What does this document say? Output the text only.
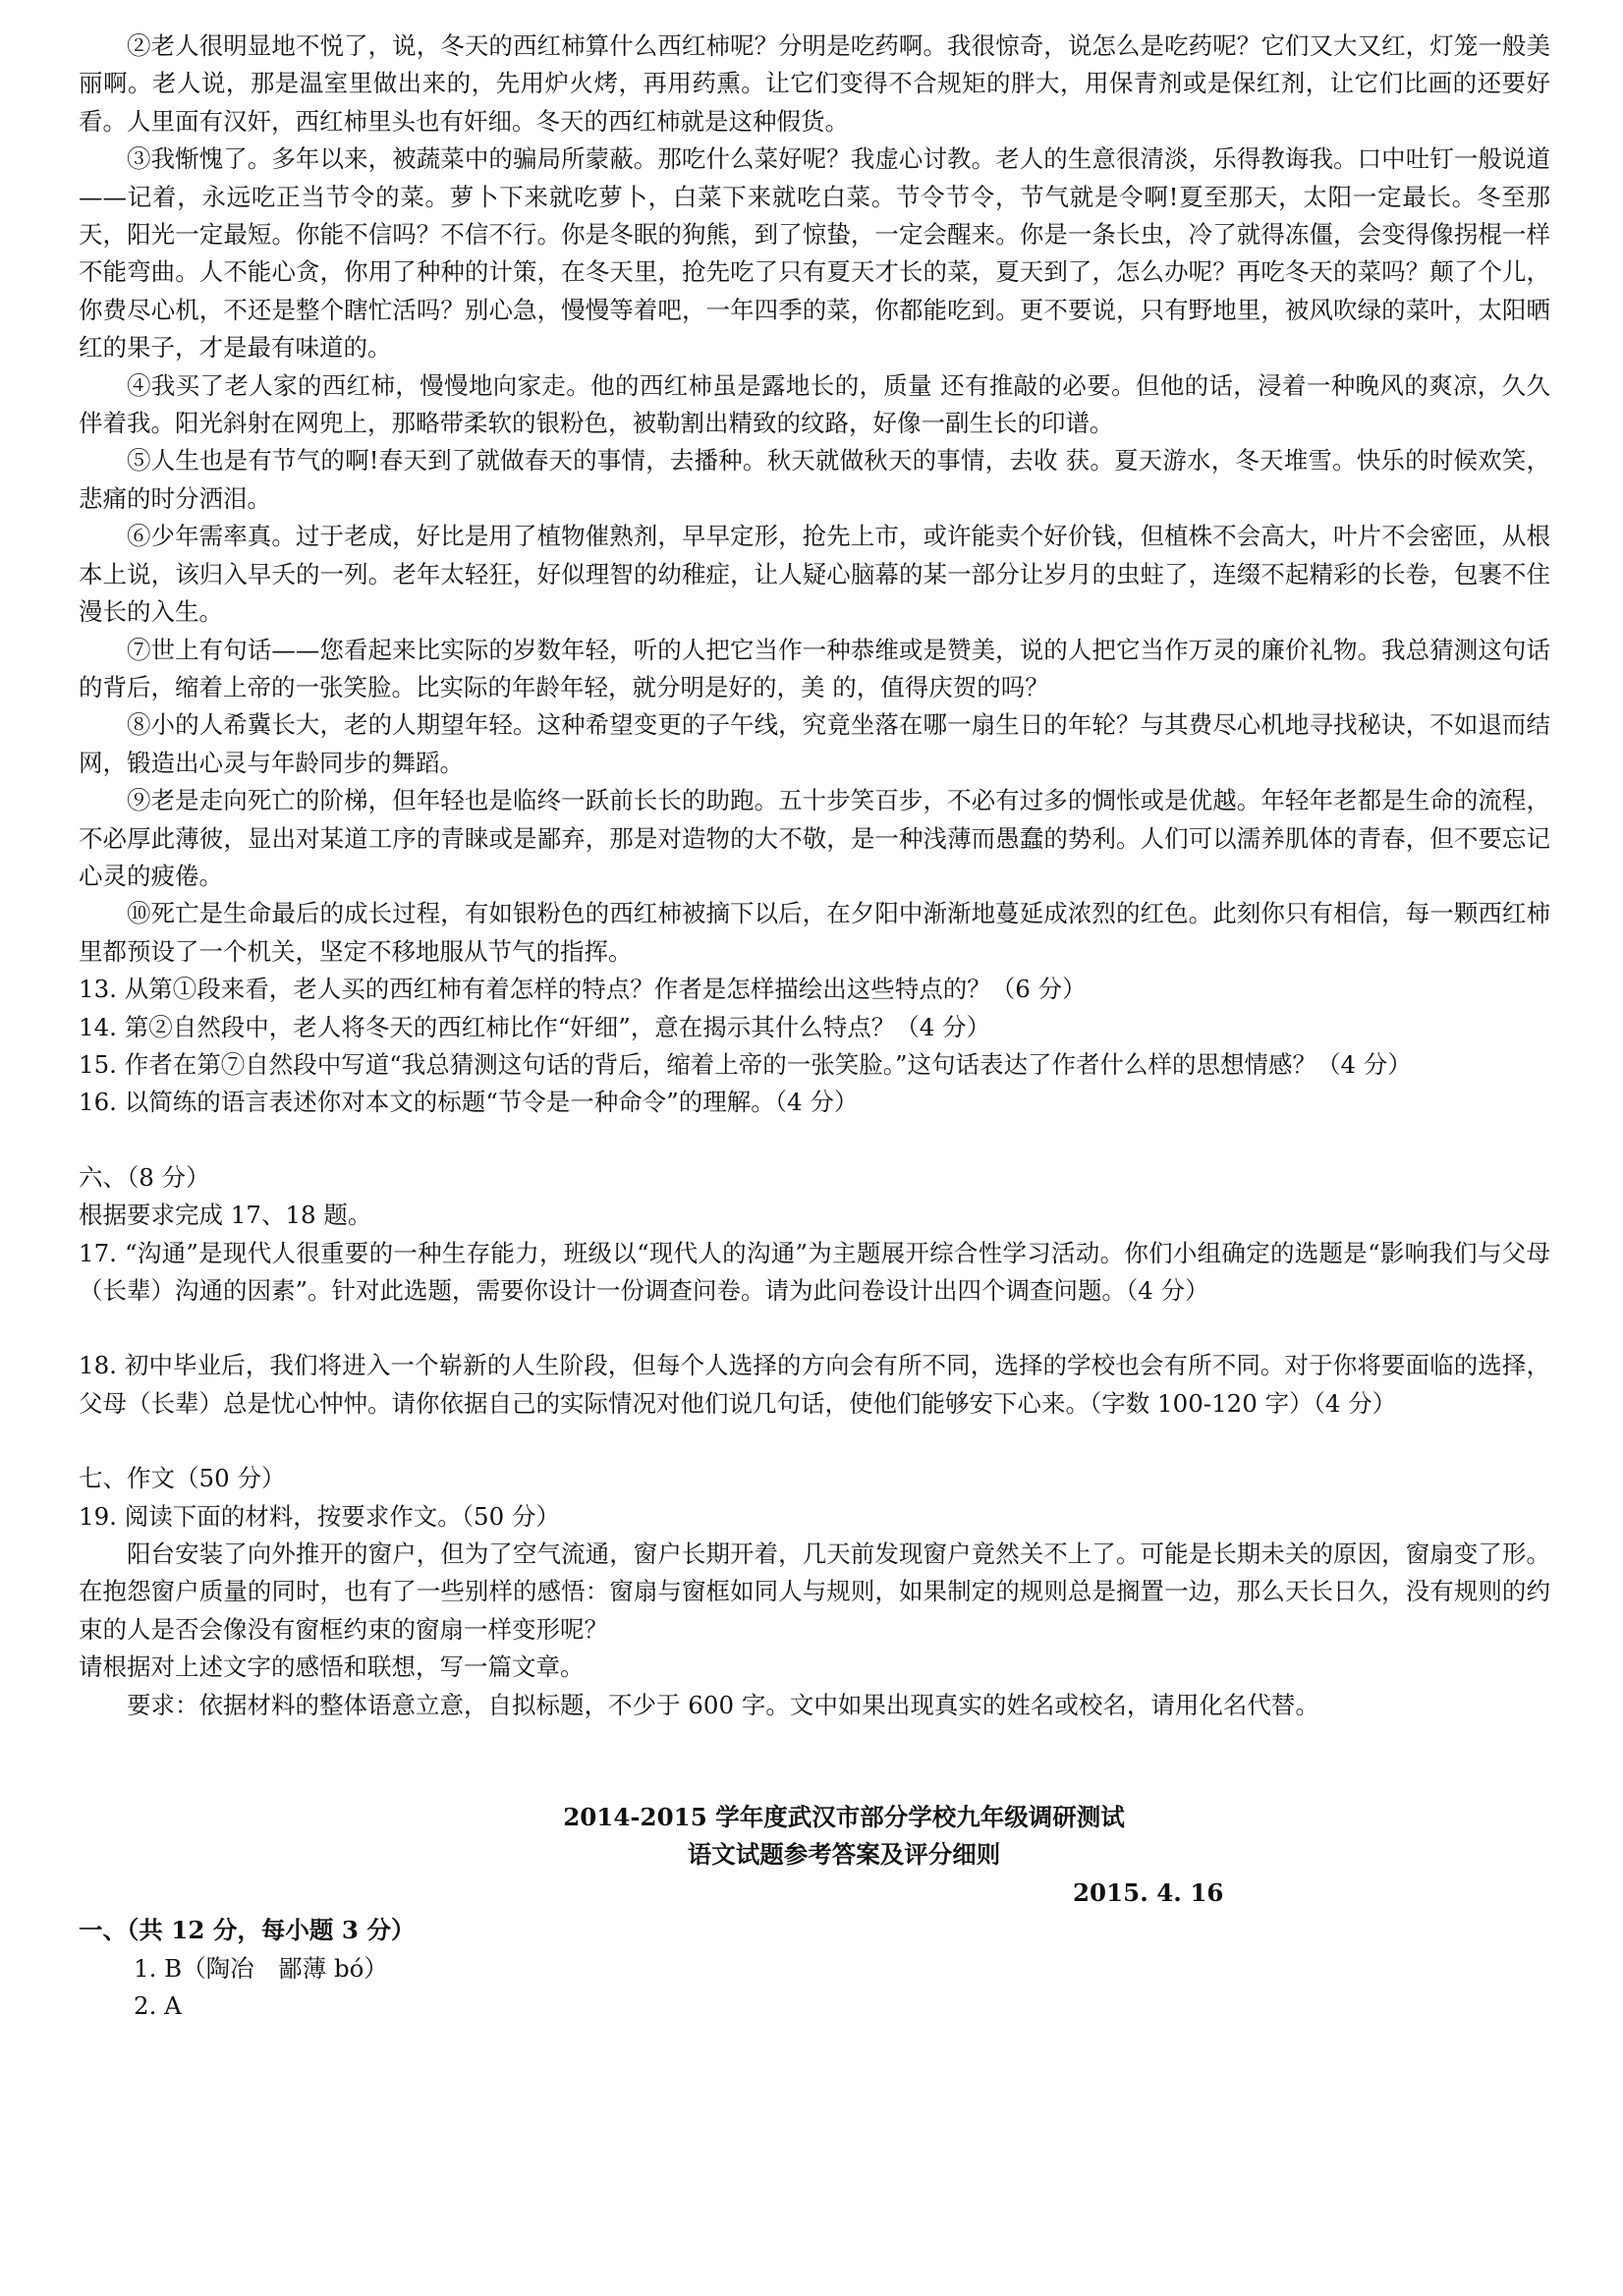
②老人很明显地不悦了，说，冬天的西红柿算什么西红柿呢？分明是吃药啊。我很惊奇，说怎么是吃药呢？它们又大又红，灯笼一般美丽啊。老人说，那是温室里做出来的，先用炉火烤，再用药熏。让它们变得不合规矩的胖大，用保青剂或是保红剂，让它们比画的还要好看。人里面有汉奸，西红柿里头也有奸细。冬天的西红柿就是这种假货。

③我惭愧了。多年以来，被蔬菜中的骗局所蒙蔽。那吃什么菜好呢？我虚心讨教。老人的生意很清淡，乐得教诲我。口中吐钉一般说道——记着，永远吃正当节令的菜。萝卜下来就吃萝卜，白菜下来就吃白菜。节令节令，节气就是令啊!夏至那天，太阳一定最长。冬至那天，阳光一定最短。你能不信吗？不信不行。你是冬眠的狗熊，到了惊蛰，一定会醒来。你是一条长虫，冷了就得冻僵，会变得像拐棍一样不能弯曲。人不能心贪，你用了种种的计策，在冬天里，抢先吃了只有夏天才长的菜，夏天到了，怎么办呢？再吃冬天的菜吗？颠了个儿，你费尽心机，不还是整个瞎忙活吗？别心急，慢慢等着吧，一年四季的菜，你都能吃到。更不要说，只有野地里，被风吹绿的菜叶，太阳晒红的果子，才是最有味道的。

④我买了老人家的西红柿，慢慢地向家走。他的西红柿虽是露地长的，质量 还有推敲的必要。但他的话，浸着一种晚风的爽凉，久久伴着我。阳光斜射在网兜上，那略带柔软的银粉色，被勒割出精致的纹路，好像一副生长的印谱。

⑤人生也是有节气的啊!春天到了就做春天的事情，去播种。秋天就做秋天的事情，去收 获。夏天游水，冬天堆雪。快乐的时候欢笑，悲痛的时分洒泪。

⑥少年需率真。过于老成，好比是用了植物催熟剂，早早定形，抢先上市，或许能卖个好价钱，但植株不会高大，叶片不会密匝，从根本上说，该归入早夭的一列。老年太轻狂，好似理智的幼稚症，让人疑心脑幕的某一部分让岁月的虫蛀了，连缀不起精彩的长卷，包裹不住漫长的入生。

⑦世上有句话——您看起来比实际的岁数年轻，听的人把它当作一种恭维或是赞美，说的人把它当作万灵的廉价礼物。我总猜测这句话的背后，缩着上帝的一张笑脸。比实际的年龄年轻，就分明是好的，美 的，值得庆贺的吗？

⑧小的人希冀长大，老的人期望年轻。这种希望变更的子午线，究竟坐落在哪一扇生日的年轮？与其费尽心机地寻找秘诀，不如退而结网，锻造出心灵与年龄同步的舞蹈。

⑨老是走向死亡的阶梯，但年轻也是临终一跃前长长的助跑。五十步笑百步，不必有过多的惆怅或是优越。年轻年老都是生命的流程，不必厚此薄彼，显出对某道工序的青睐或是鄙弃，那是对造物的大不敬，是一种浅薄而愚蠢的势利。人们可以濡养肌体的青春，但不要忘记心灵的疲倦。

⑩死亡是生命最后的成长过程，有如银粉色的西红柿被摘下以后，在夕阳中渐渐地蔓延成浓烈的红色。此刻你只有相信，每一颗西红柿里都预设了一个机关，坚定不移地服从节气的指挥。

13. 从第①段来看，老人买的西红柿有着怎样的特点？作者是怎样描绘出这些特点的？（6 分）

14. 第②自然段中，老人将冬天的西红柿比作“奸细”，意在揭示其什么特点？（4 分）

15. 作者在第⑦自然段中写道“我总猜测这句话的背后，缩着上帝的一张笑脸。”这句话表达了作者什么样的思想情感？（4 分）

16. 以简练的语言表述你对本文的标题“节令是一种命令”的理解。（4 分）

六、（8 分）

根据要求完成 17、18 题。

17. “沟通”是现代人很重要的一种生存能力，班级以“现代人的沟通”为主题展开综合性学习活动。你们小组确定的选题是“影响我们与父母（长辈）沟通的因素”。针对此选题，需要你设计一份调查问卷。请为此问卷设计出四个调查问题。（4 分）

18. 初中毕业后，我们将进入一个崭新的人生阶段，但每个人选择的方向会有所不同，选择的学校也会有所不同。对于你将要面临的选择，父母（长辈）总是忧心忡忡。请你依据自己的实际情况对他们说几句话，使他们能够安下心来。（字数 100-120 字）（4 分）

七、作文（50 分）

19. 阅读下面的材料，按要求作文。（50 分）

阳台安装了向外推开的窗户，但为了空气流通，窗户长期开着，几天前发现窗户竟然关不上了。可能是长期未关的原因，窗扇变了形。在抱怨窗户质量的同时，也有了一些别样的感悟：窗扇与窗框如同人与规则，如果制定的规则总是搁置一边，那么天长日久，没有规则的约束的人是否会像没有窗框约束的窗扇一样变形呢？

请根据对上述文字的感悟和联想，写一篇文章。

要求：依据材料的整体语意立意，自拟标题，不少于 600 字。文中如果出现真实的姓名或校名，请用化名代替。

2014-2015 学年度武汉市部分学校九年级调研测试

语文试题参考答案及评分细则

2015. 4. 16

一、（共 12 分，每小题 3 分）

1. B（陶冶　鄙薄 bó）

2. A
